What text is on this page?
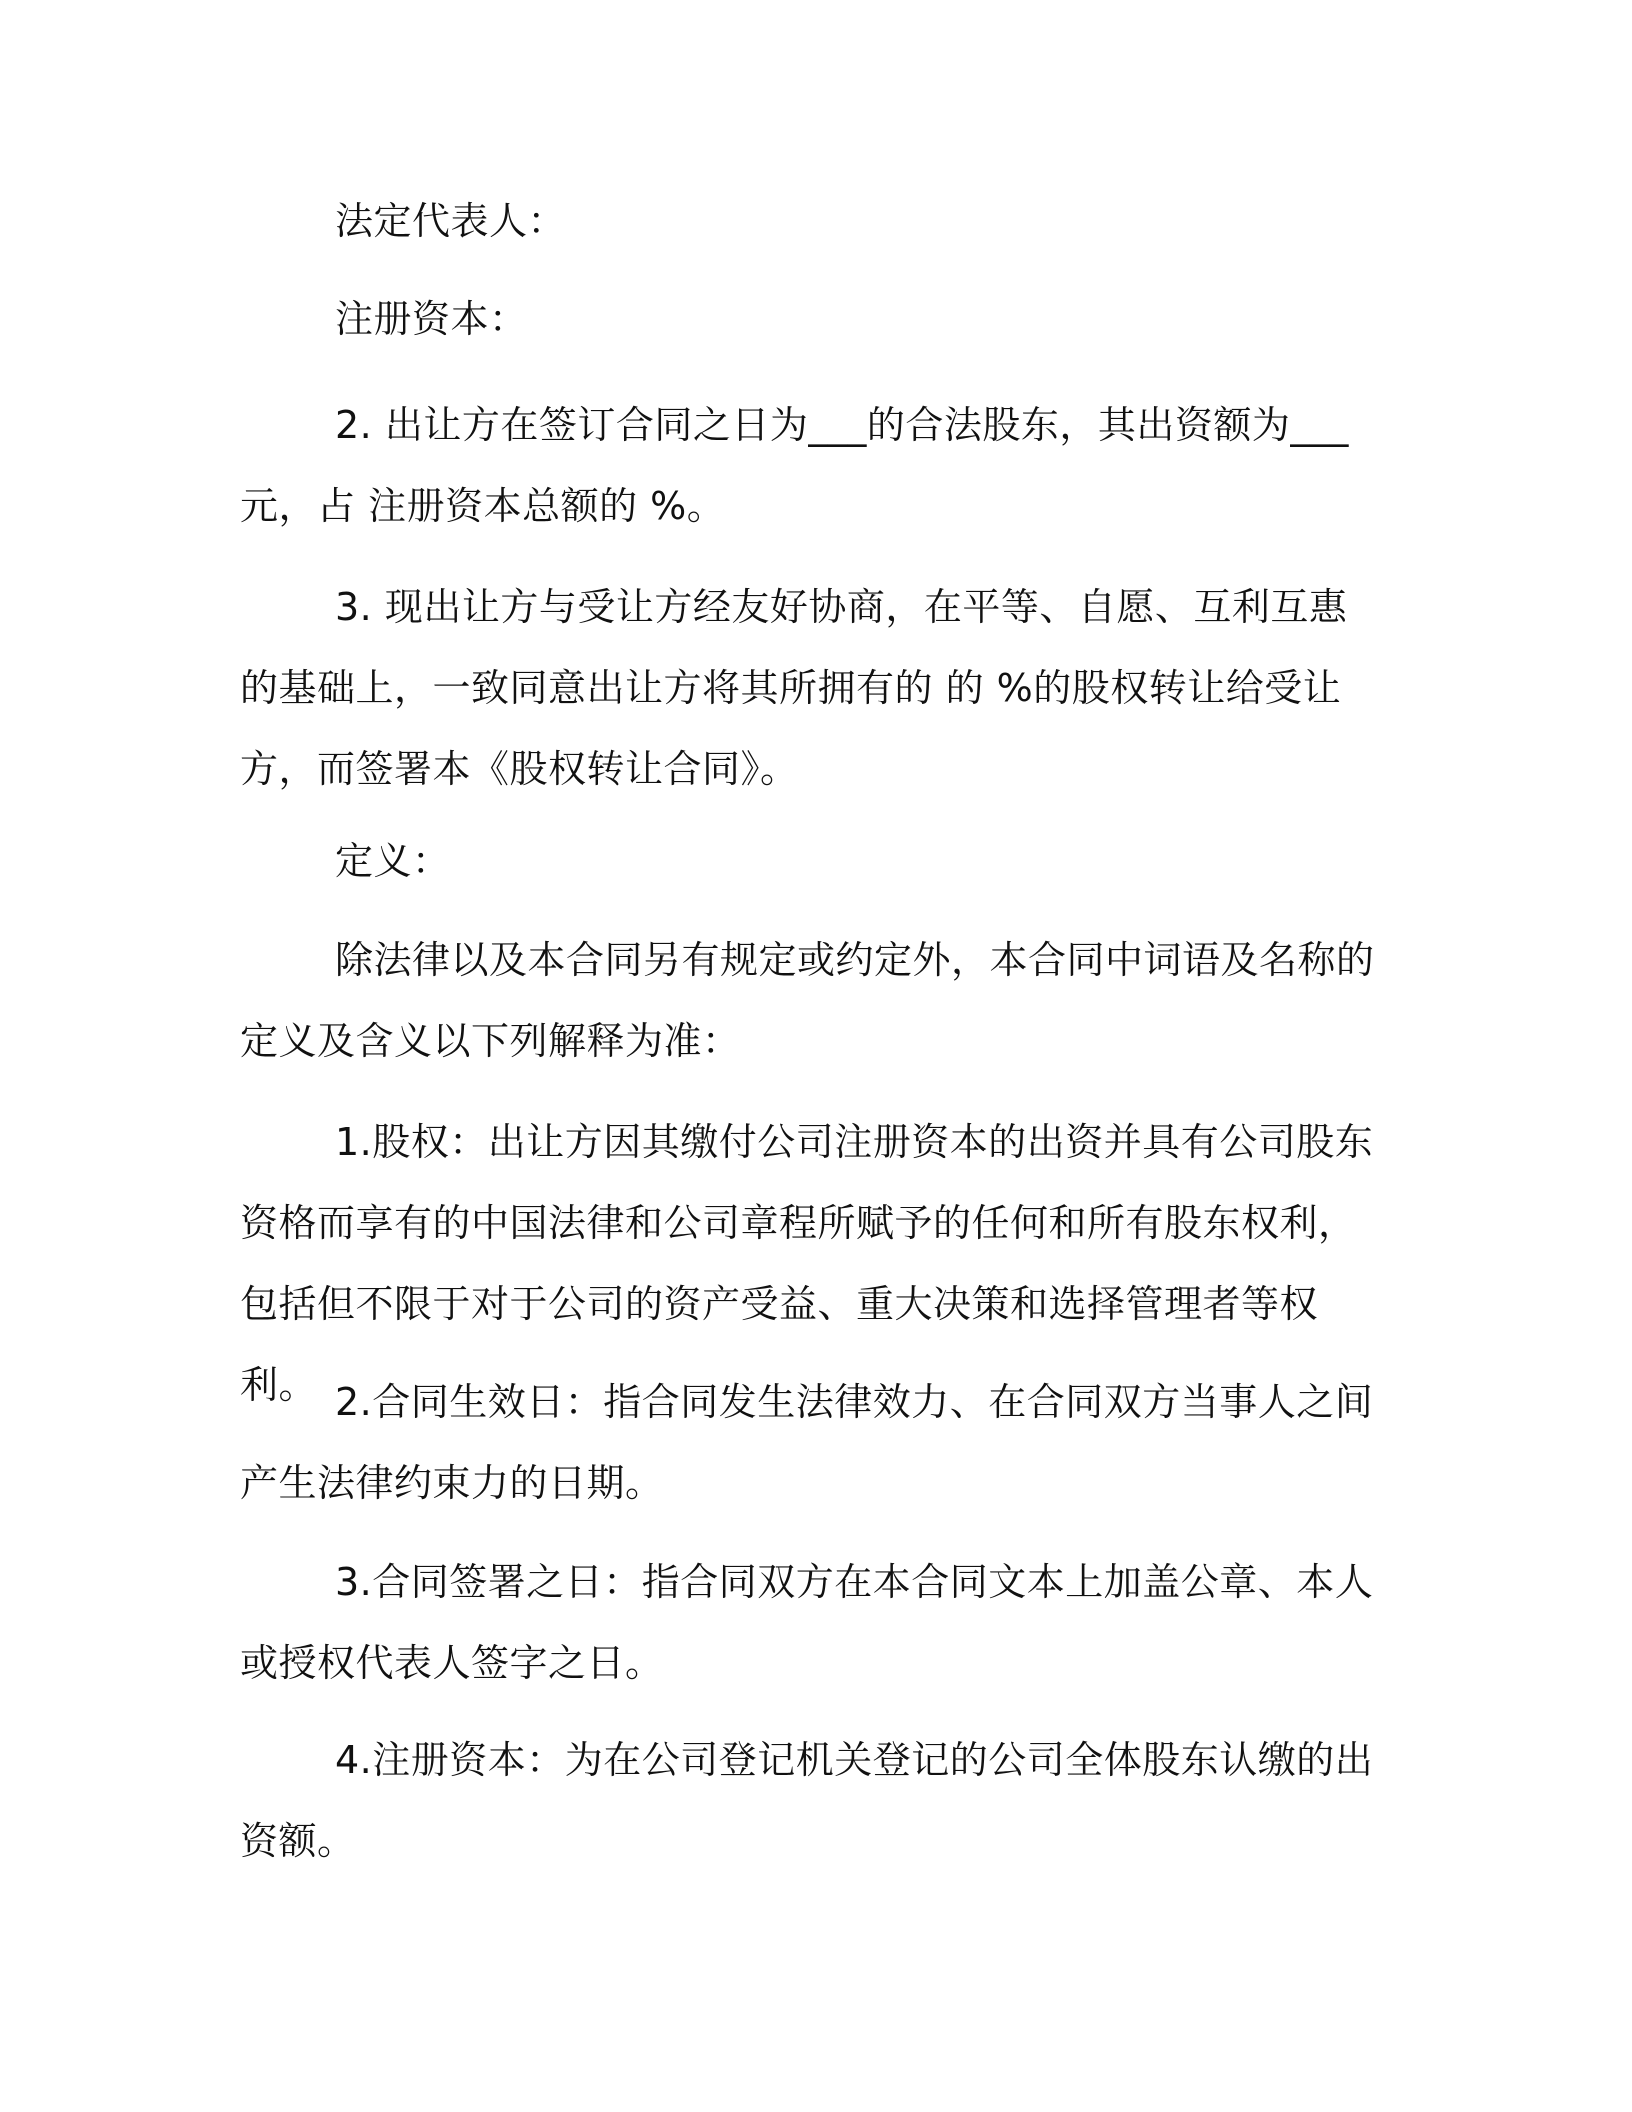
法定代表人：

注册资本：

2. 出让方在签订合同之日为___的合法股东，其出资额为___元，占 注册资本总额的 %。

3. 现出让方与受让方经友好协商，在平等、自愿、互利互惠的基础上，一致同意出让方将其所拥有的 的 %的股权转让给受让方，而签署本《股权转让合同》。

定义：

除法律以及本合同另有规定或约定外，本合同中词语及名称的定义及含义以下列解释为准：

1.股权：出让方因其缴付公司注册资本的出资并具有公司股东资格而享有的中国法律和公司章程所赋予的任何和所有股东权利，包括但不限于对于公司的资产受益、重大决策和选择管理者等权利。 2.合同生效日：指合同发生法律效力、在合同双方当事人之间产生法律约束力的日期。

3.合同签署之日：指合同双方在本合同文本上加盖公章、本人或授权代表人签字之日。

4.注册资本：为在公司登记机关登记的公司全体股东认缴的出资额。
